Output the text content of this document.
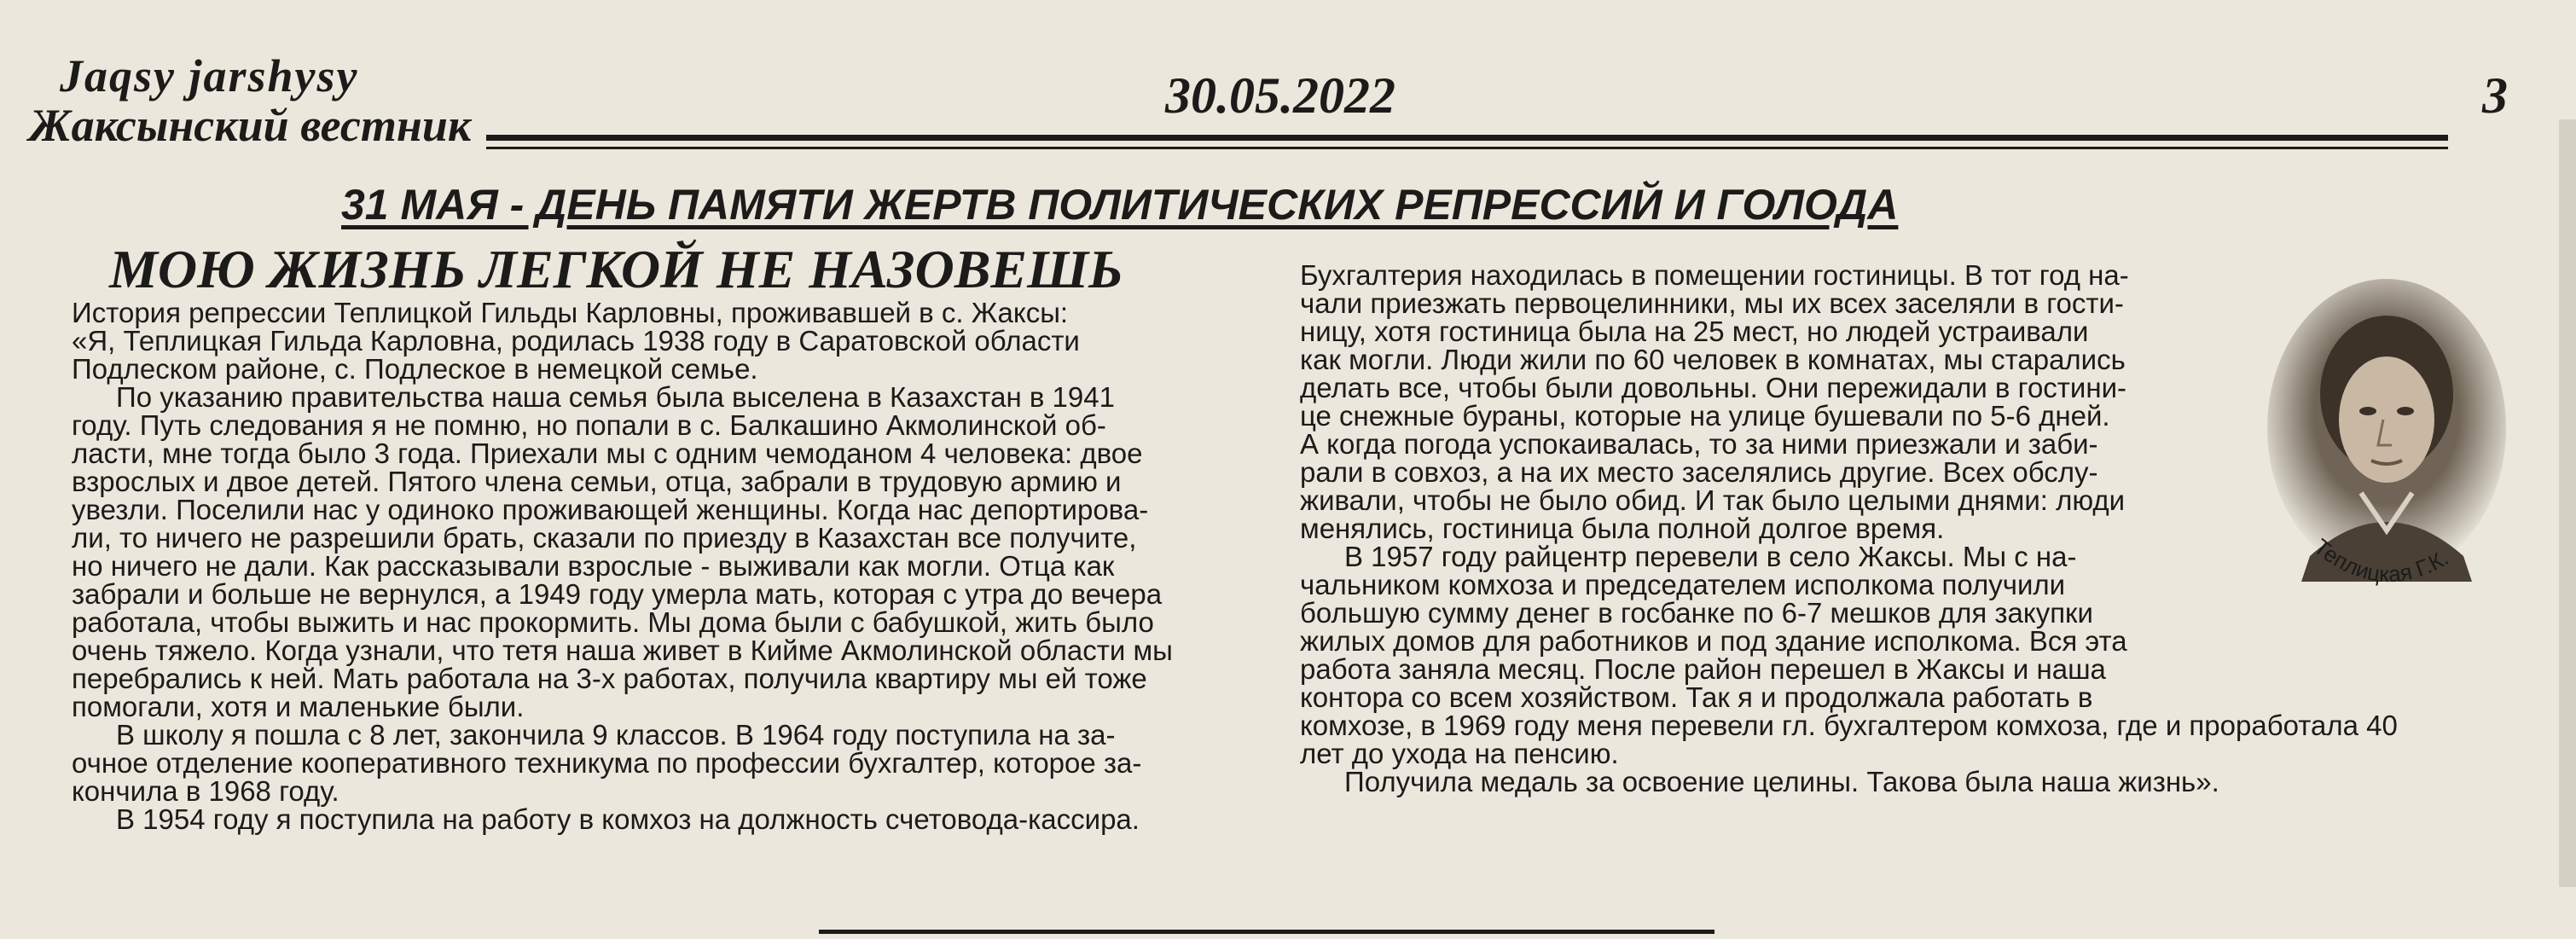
Jaqsy jarshysy
Жаксынский вестник
30.05.2022	3
31 МАЯ - ДЕНЬ ПАМЯТИ ЖЕРТВ ПОЛИТИЧЕСКИХ РЕПРЕССИЙ И ГОЛОДА
МОЮ ЖИЗНЬ ЛЕГКОЙ НЕ НАЗОВЕШЬ

История репрессии Теплицкой Гильды Карловны, проживавшей в с. Жаксы:

«Я, Теплицкая Гильда Карловна, родилась 1938 году в Саратовской области

Подлеском районе, с. Подлеское в немецкой семье.

По указанию правительства наша семья была выселена в Казахстан в 1941

году. Путь следования я не помню, но попали в с. Балкашино Акмолинской об-

ласти, мне тогда было 3 года. Приехали мы с одним чемоданом 4 человека: двое

взрослых и двое детей. Пятого члена семьи, отца, забрали в трудовую армию и

увезли. Поселили нас у одиноко проживающей женщины. Когда нас депортирова-

ли, то ничего не разрешили брать, сказали по приезду в Казахстан все получите,

но ничего не дали. Как рассказывали взрослые - выживали как могли. Отца как

забрали и больше не вернулся, а 1949 году умерла мать, которая с утра до вечера

работала, чтобы выжить и нас прокормить. Мы дома были с бабушкой, жить было

очень тяжело. Когда узнали, что тетя наша живет в Кийме Акмолинской области мы

перебрались к ней. Мать работала на 3-х работах, получила квартиру мы ей тоже

помогали, хотя и маленькие были.

В школу я пошла с 8 лет, закончила 9 классов. В 1964 году поступила на за-

очное отделение кооперативного техникума по профессии бухгалтер, которое за-

кончила в 1968 году.

В 1954 году я поступила на работу в комхоз на должность счетовода-кассира.

Бухгалтерия находилась в помещении гостиницы. В тот год на-

чали приезжать первоцелинники, мы их всех заселяли в гости-

ницу, хотя гостиница была на 25 мест, но людей устраивали

как могли. Люди жили по 60 человек в комнатах, мы старались

делать все, чтобы были довольны. Они пережидали в гостини-

це снежные бураны, которые на улице бушевали по 5-6 дней.

А когда погода успокаивалась, то за ними приезжали и заби-

рали в совхоз, а на их место заселялись другие. Всех обслу-

живали, чтобы не было обид. И так было целыми днями: люди

менялись, гостиница была полной долгое время.

В 1957 году райцентр перевели в село Жаксы. Мы с на-

чальником комхоза и председателем исполкома получили

большую сумму денег в госбанке по 6-7 мешков для закупки

жилых домов для работников и под здание исполкома. Вся эта

работа заняла месяц. После район перешел в Жаксы и наша

контора со всем хозяйством. Так я и продолжала работать в

комхозе, в 1969 году меня перевели гл. бухгалтером комхоза, где и проработала 40

лет до ухода на пенсию.

Получила медаль за освоение целины. Такова была наша жизнь».

Теплицкая Г.К.
